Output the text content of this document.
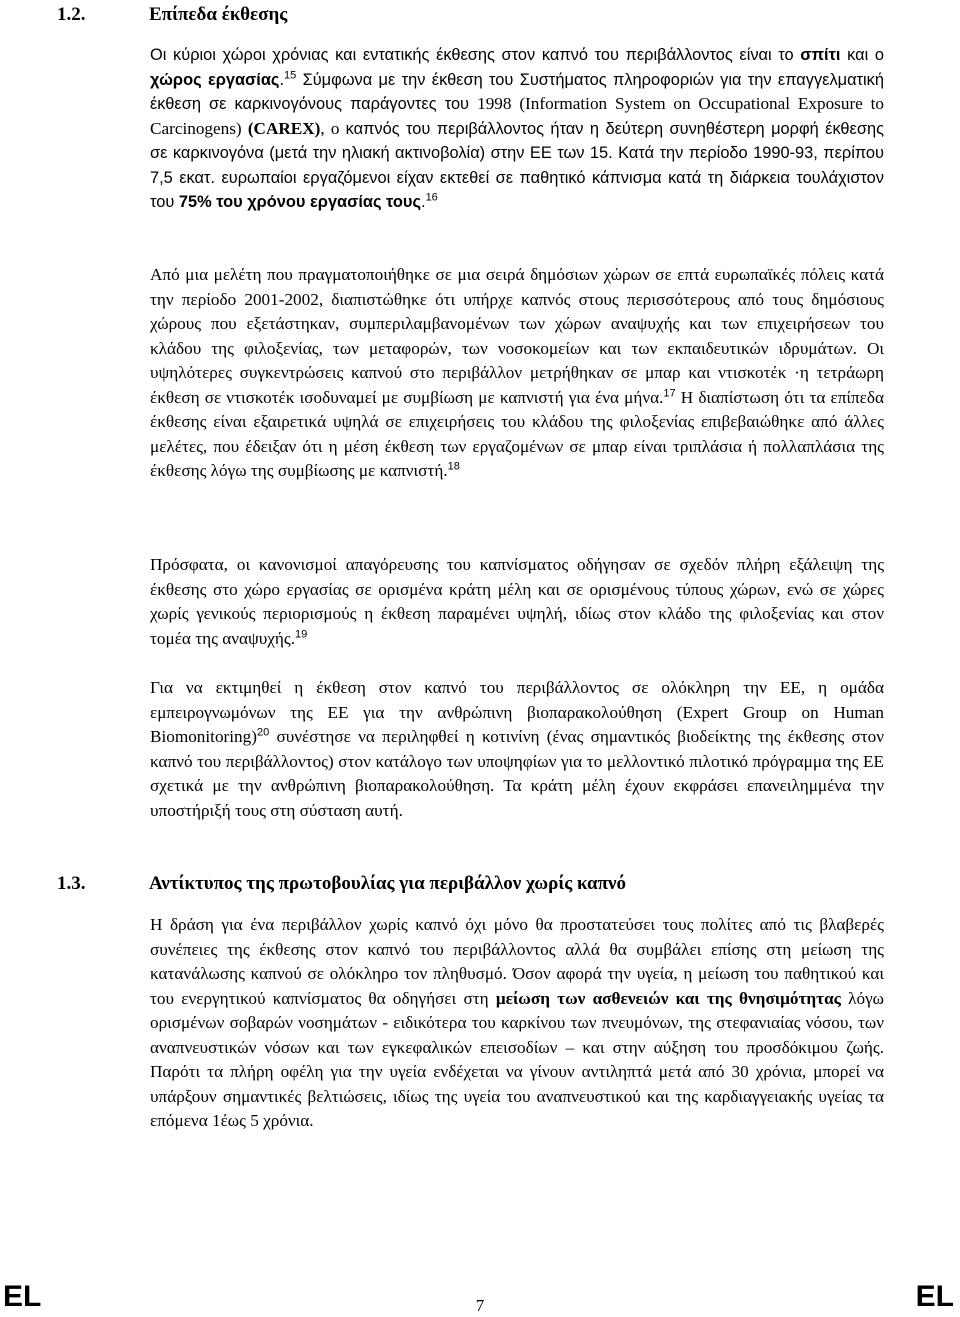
1.2.	Επίπεδα έκθεσης

Οι κύριοι χώροι χρόνιας και εντατικής έκθεσης στον καπνό του περιβάλλοντος είναι το σπίτι και ο χώρος εργασίας.$^{15}$ Σύμφωνα με την έκθεση του Συστήματος πληροφοριών για την επαγγελματική έκθεση σε καρκινογόνους παράγοντες του 1998 (Information System on Occupational Exposure to Carcinogens) (CAREX), ο καπνός του περιβάλλοντος ήταν η δεύτερη συνηθέστερη μορφή έκθεσης σε καρκινογόνα (μετά την ηλιακή ακτινοβολία) στην ΕΕ των 15. Κατά την περίοδο 1990-93, περίπου 7,5 εκατ. ευρωπαίοι εργαζόμενοι είχαν εκτεθεί σε παθητικό κάπνισμα κατά τη διάρκεια τουλάχιστον του 75% του χρόνου εργασίας τους.$^{16}$

Από μια μελέτη που πραγματοποιήθηκε σε μια σειρά δημόσιων χώρων σε επτά ευρωπαϊκές πόλεις κατά την περίοδο 2001-2002, διαπιστώθηκε ότι υπήρχε καπνός στους περισσότερους από τους δημόσιους χώρους που εξετάστηκαν, συμπεριλαμβανομένων των χώρων αναψυχής και των επιχειρήσεων του κλάδου της φιλοξενίας, των μεταφορών, των νοσοκομείων και των εκπαιδευτικών ιδρυμάτων. Οι υψηλότερες συγκεντρώσεις καπνού στο περιβάλλον μετρήθηκαν σε μπαρ και ντισκοτέκ ·η τετράωρη έκθεση σε ντισκοτέκ ισοδυναμεί με συμβίωση με καπνιστή για ένα μήνα.$^{17}$ Η διαπίστωση ότι τα επίπεδα έκθεσης είναι εξαιρετικά υψηλά σε επιχειρήσεις του κλάδου της φιλοξενίας επιβεβαιώθηκε από άλλες μελέτες, που έδειξαν ότι η μέση έκθεση των εργαζομένων σε μπαρ είναι τριπλάσια ή πολλαπλάσια της έκθεσης λόγω της συμβίωσης με καπνιστή.$^{18}$

Πρόσφατα, οι κανονισμοί απαγόρευσης του καπνίσματος οδήγησαν σε σχεδόν πλήρη εξάλειψη της έκθεσης στο χώρο εργασίας σε ορισμένα κράτη μέλη και σε ορισμένους τύπους χώρων, ενώ σε χώρες χωρίς γενικούς περιορισμούς η έκθεση παραμένει υψηλή, ιδίως στον κλάδο της φιλοξενίας και στον τομέα της αναψυχής.$^{19}$

Για να εκτιμηθεί η έκθεση στον καπνό του περιβάλλοντος σε ολόκληρη την ΕΕ, η ομάδα εμπειρογνωμόνων της ΕΕ για την ανθρώπινη βιοπαρακολούθηση (Expert Group on Human Biomonitoring)$^{20}$ συνέστησε να περιληφθεί η κοτινίνη (ένας σημαντικός βιοδείκτης της έκθεσης στον καπνό του περιβάλλοντος) στον κατάλογο των υποψηφίων για το μελλοντικό πιλοτικό πρόγραμμα της ΕΕ σχετικά με την ανθρώπινη βιοπαρακολούθηση. Τα κράτη μέλη έχουν εκφράσει επανειλημμένα την υποστήριξή τους στη σύσταση αυτή.

1.3.	Αντίκτυπος της πρωτοβουλίας για περιβάλλον χωρίς καπνό

Η δράση για ένα περιβάλλον χωρίς καπνό όχι μόνο θα προστατεύσει τους πολίτες από τις βλαβερές συνέπειες της έκθεσης στον καπνό του περιβάλλοντος αλλά θα συμβάλει επίσης στη μείωση της κατανάλωσης καπνού σε ολόκληρο τον πληθυσμό. Όσον αφορά την υγεία, η μείωση του παθητικού και του ενεργητικού καπνίσματος θα οδηγήσει στη μείωση των ασθενειών και της θνησιμότητας λόγω ορισμένων σοβαρών νοσημάτων - ειδικότερα του καρκίνου των πνευμόνων, της στεφανιαίας νόσου, των αναπνευστικών νόσων και των εγκεφαλικών επεισοδίων – και στην αύξηση του προσδόκιμου ζωής. Παρότι τα πλήρη οφέλη για την υγεία ενδέχεται να γίνουν αντιληπτά μετά από 30 χρόνια, μπορεί να υπάρξουν σημαντικές βελτιώσεις, ιδίως της υγεία του αναπνευστικού και της καρδιαγγειακής υγείας τα επόμενα 1έως 5 χρόνια.

EL	7	EL
